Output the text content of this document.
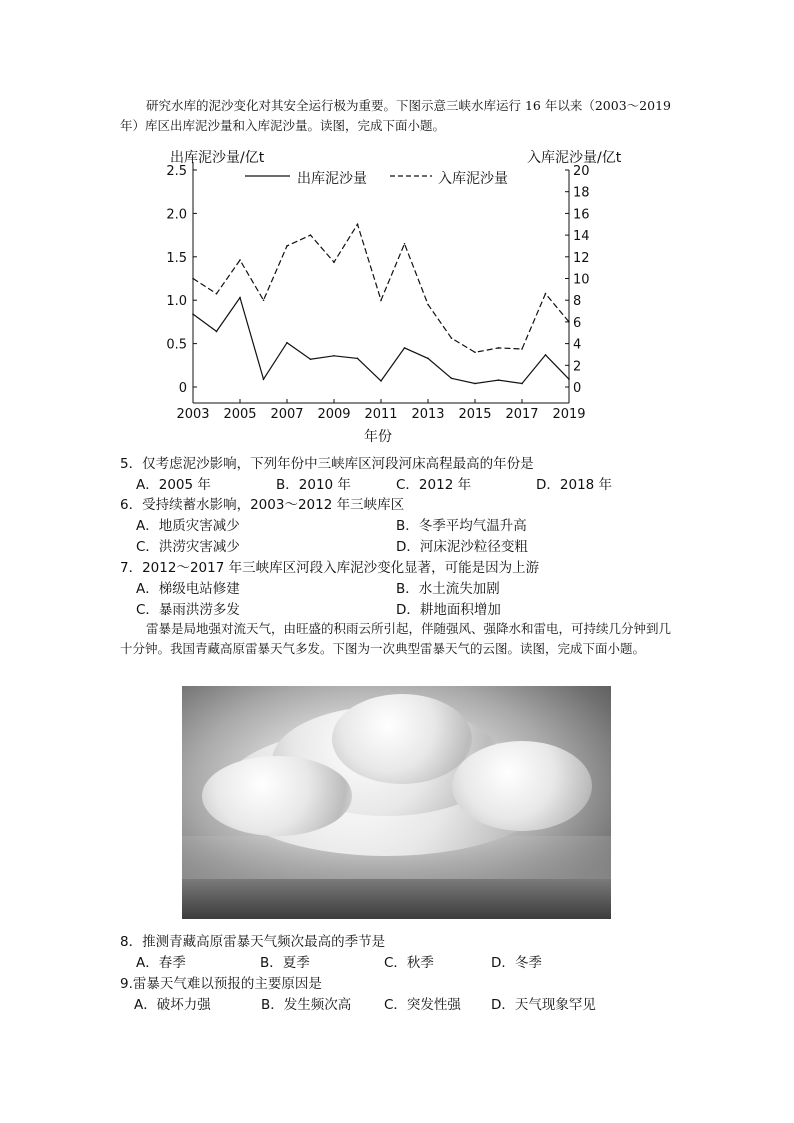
研究水库的泥沙变化对其安全运行极为重要。下图示意三峡水库运行 16 年以来（2003～2019 年）库区出库泥沙量和入库泥沙量。读图，完成下面小题。
出库泥沙量/亿t	入库泥沙量/亿t
年份
出库泥沙量	入库泥沙量
0
0.5
1.0
1.5
2.0
2.5
0
2
4
6
8
10
12
14
16
18
20
2003 2005 2007 2009 2011 2013 2015 2017 2019
5．仅考虑泥沙影响，下列年份中三峡库区河段河床高程最高的年份是
A．2005 年	B．2010 年	C．2012 年	D．2018 年
6．受持续蓄水影响，2003～2012 年三峡库区
A．地质灾害减少	B．冬季平均气温升高
C．洪涝灾害减少	D．河床泥沙粒径变粗
7．2012～2017 年三峡库区河段入库泥沙变化显著，可能是因为上游
A．梯级电站修建	B．水土流失加剧
C．暴雨洪涝多发	D．耕地面积增加
雷暴是局地强对流天气，由旺盛的积雨云所引起，伴随强风、强降水和雷电，可持续几分钟到几十分钟。我国青藏高原雷暴天气多发。下图为一次典型雷暴天气的云图。读图，完成下面小题。
8．推测青藏高原雷暴天气频次最高的季节是
A．春季	B．夏季	C．秋季	D．冬季
9.雷暴天气难以预报的主要原因是
A．破坏力强	B．发生频次高 C．突发性强 D．天气现象罕见
